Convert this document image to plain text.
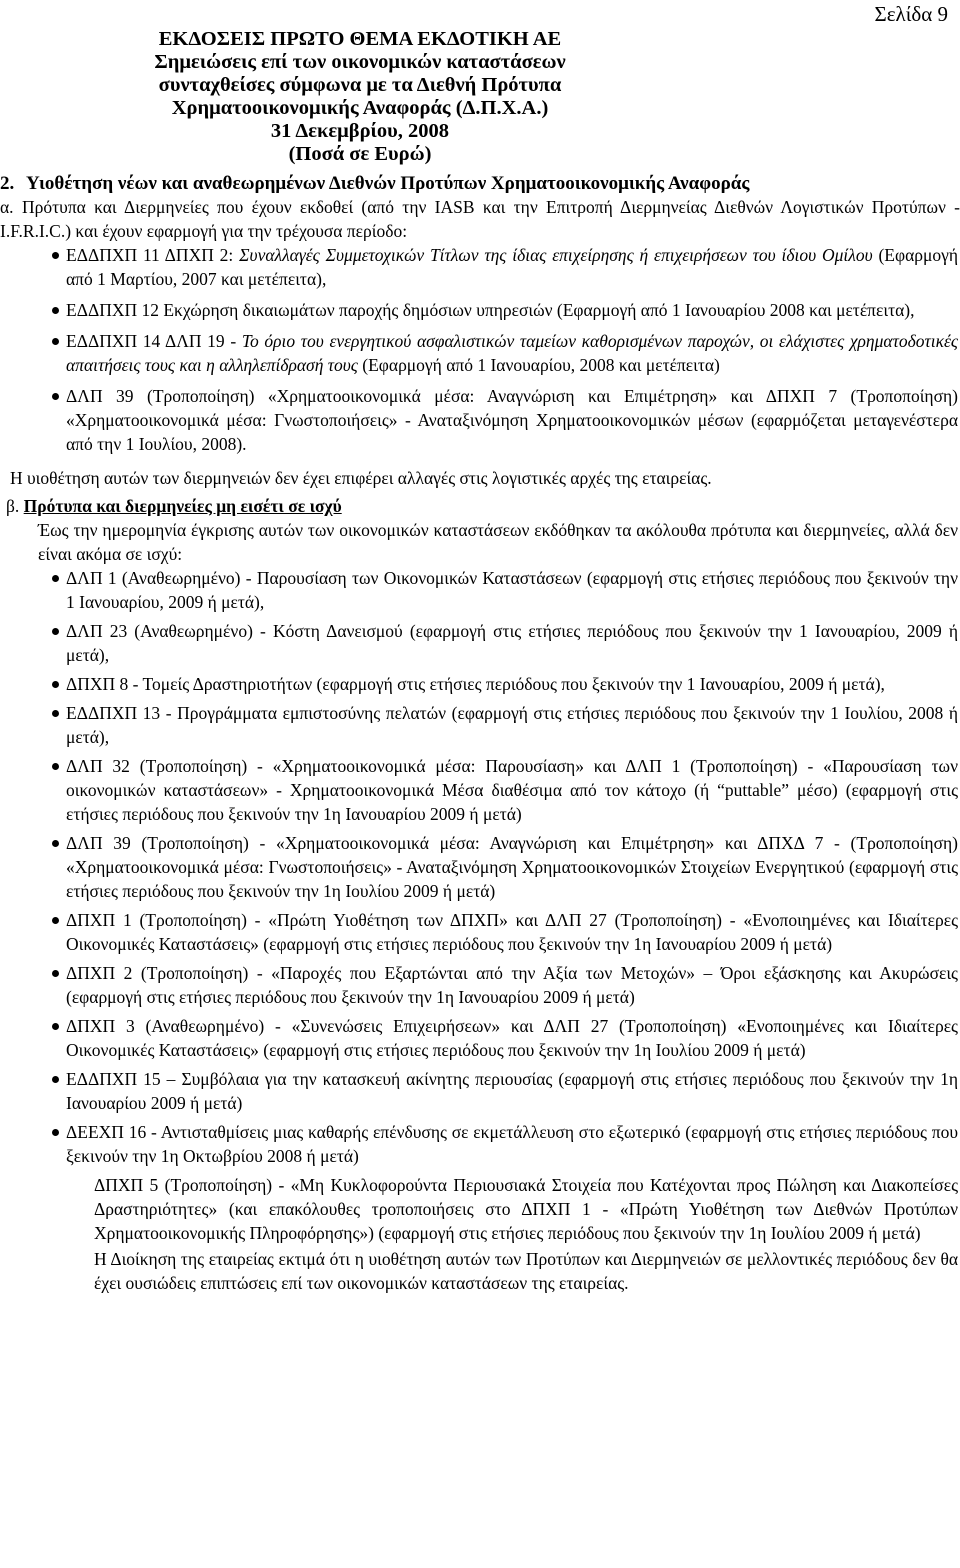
Σελίδα 9
ΕΚΔΟΣΕΙΣ ΠΡΩΤΟ ΘΕΜΑ ΕΚΔΟΤΙΚΗ ΑΕ
Σημειώσεις επί των οικονομικών καταστάσεων
συνταχθείσες σύμφωνα με τα Διεθνή Πρότυπα
Χρηματοοικονομικής Αναφοράς (Δ.Π.Χ.Α.)
31 Δεκεμβρίου, 2008
(Ποσά σε Ευρώ)
2. Υιοθέτηση νέων και αναθεωρημένων Διεθνών Προτύπων Χρηματοοικονομικής Αναφοράς
α. Πρότυπα και Διερμηνείες που έχουν εκδοθεί (από την IASB και την Επιτροπή Διερμηνείας Διεθνών Λογιστικών Προτύπων - I.F.R.I.C.) και έχουν εφαρμογή για την τρέχουσα περίοδο:
ΕΔΔΠΧΠ 11 ΔΠΧΠ 2: Συναλλαγές Συμμετοχικών Τίτλων της ίδιας επιχείρησης ή επιχειρήσεων του ίδιου Ομίλου (Εφαρμογή από 1 Μαρτίου, 2007 και μετέπειτα),
ΕΔΔΠΧΠ 12 Εκχώρηση δικαιωμάτων παροχής δημόσιων υπηρεσιών (Εφαρμογή από 1 Ιανουαρίου 2008 και μετέπειτα),
ΕΔΔΠΧΠ 14 ΔΛΠ 19 - Το όριο του ενεργητικού ασφαλιστικών ταμείων καθορισμένων παροχών, οι ελάχιστες χρηματοδοτικές απαιτήσεις τους και η αλληλεπίδρασή τους (Εφαρμογή από 1 Ιανουαρίου, 2008 και μετέπειτα)
ΔΛΠ 39 (Τροποποίηση) «Χρηματοοικονομικά μέσα: Αναγνώριση και Επιμέτρηση» και ΔΠΧΠ 7 (Τροποποίηση) «Χρηματοοικονομικά μέσα: Γνωστοποιήσεις» - Αναταξινόμηση Χρηματοοικονομικών μέσων (εφαρμόζεται μεταγενέστερα από την 1 Ιουλίου, 2008).
Η υιοθέτηση αυτών των διερμηνειών δεν έχει επιφέρει αλλαγές στις λογιστικές αρχές της εταιρείας.
β. Πρότυπα και διερμηνείες μη εισέτι σε ισχύ
Έως την ημερομηνία έγκρισης αυτών των οικονομικών καταστάσεων εκδόθηκαν τα ακόλουθα πρότυπα και διερμηνείες, αλλά δεν είναι ακόμα σε ισχύ:
ΔΛΠ 1 (Αναθεωρημένο) - Παρουσίαση των Οικονομικών Καταστάσεων (εφαρμογή στις ετήσιες περιόδους που ξεκινούν την 1 Ιανουαρίου, 2009 ή μετά),
ΔΛΠ 23 (Αναθεωρημένο) - Κόστη Δανεισμού (εφαρμογή στις ετήσιες περιόδους που ξεκινούν την 1 Ιανουαρίου, 2009 ή μετά),
ΔΠΧΠ 8 - Τομείς Δραστηριοτήτων (εφαρμογή στις ετήσιες περιόδους που ξεκινούν την 1 Ιανουαρίου, 2009 ή μετά),
ΕΔΔΠΧΠ 13 - Προγράμματα εμπιστοσύνης πελατών (εφαρμογή στις ετήσιες περιόδους που ξεκινούν την 1 Ιουλίου, 2008 ή μετά),
ΔΛΠ 32 (Τροποποίηση) - «Χρηματοοικονομικά μέσα: Παρουσίαση» και ΔΛΠ 1 (Τροποποίηση) - «Παρουσίαση των οικονομικών καταστάσεων» - Χρηματοοικονομικά Μέσα διαθέσιμα από τον κάτοχο (ή “puttable” μέσο) (εφαρμογή στις ετήσιες περιόδους που ξεκινούν την 1η Ιανουαρίου 2009 ή μετά)
ΔΛΠ 39 (Τροποποίηση) - «Χρηματοοικονομικά μέσα: Αναγνώριση και Επιμέτρηση» και ΔΠΧΔ 7 - (Τροποποίηση) «Χρηματοοικονομικά μέσα: Γνωστοποιήσεις» - Αναταξινόμηση Χρηματοοικονομικών Στοιχείων Ενεργητικού (εφαρμογή στις ετήσιες περιόδους που ξεκινούν την 1η Ιουλίου 2009 ή μετά)
ΔΠΧΠ 1 (Τροποποίηση) - «Πρώτη Υιοθέτηση των ΔΠΧΠ» και ΔΛΠ 27 (Τροποποίηση) - «Ενοποιημένες και Ιδιαίτερες Οικονομικές Καταστάσεις» (εφαρμογή στις ετήσιες περιόδους που ξεκινούν την 1η Ιανουαρίου 2009 ή μετά)
ΔΠΧΠ 2 (Τροποποίηση) - «Παροχές που Εξαρτώνται από την Αξία των Μετοχών» – Όροι εξάσκησης και Ακυρώσεις (εφαρμογή στις ετήσιες περιόδους που ξεκινούν την 1η Ιανουαρίου 2009 ή μετά)
ΔΠΧΠ 3 (Αναθεωρημένο) - «Συνενώσεις Επιχειρήσεων» και ΔΛΠ 27 (Τροποποίηση) «Ενοποιημένες και Ιδιαίτερες Οικονομικές Καταστάσεις» (εφαρμογή στις ετήσιες περιόδους που ξεκινούν την 1η Ιουλίου 2009 ή μετά)
ΕΔΔΠΧΠ 15 – Συμβόλαια για την κατασκευή ακίνητης περιουσίας (εφαρμογή στις ετήσιες περιόδους που ξεκινούν την 1η Ιανουαρίου 2009 ή μετά)
ΔΕΕΧΠ 16 - Αντισταθμίσεις μιας καθαρής επένδυσης σε εκμετάλλευση στο εξωτερικό (εφαρμογή στις ετήσιες περιόδους που ξεκινούν την 1η Οκτωβρίου 2008 ή μετά)
ΔΠΧΠ 5 (Τροποποίηση) - «Μη Κυκλοφορούντα Περιουσιακά Στοιχεία που Κατέχονται προς Πώληση και Διακοπείσες Δραστηριότητες» (και επακόλουθες τροποποιήσεις στο ΔΠΧΠ 1 - «Πρώτη Υιοθέτηση των Διεθνών Προτύπων Χρηματοοικονομικής Πληροφόρησης») (εφαρμογή στις ετήσιες περιόδους που ξεκινούν την 1η Ιουλίου 2009 ή μετά)
Η Διοίκηση της εταιρείας εκτιμά ότι η υιοθέτηση αυτών των Προτύπων και Διερμηνειών σε μελλοντικές περιόδους δεν θα έχει ουσιώδεις επιπτώσεις επί των οικονομικών καταστάσεων της εταιρείας.
